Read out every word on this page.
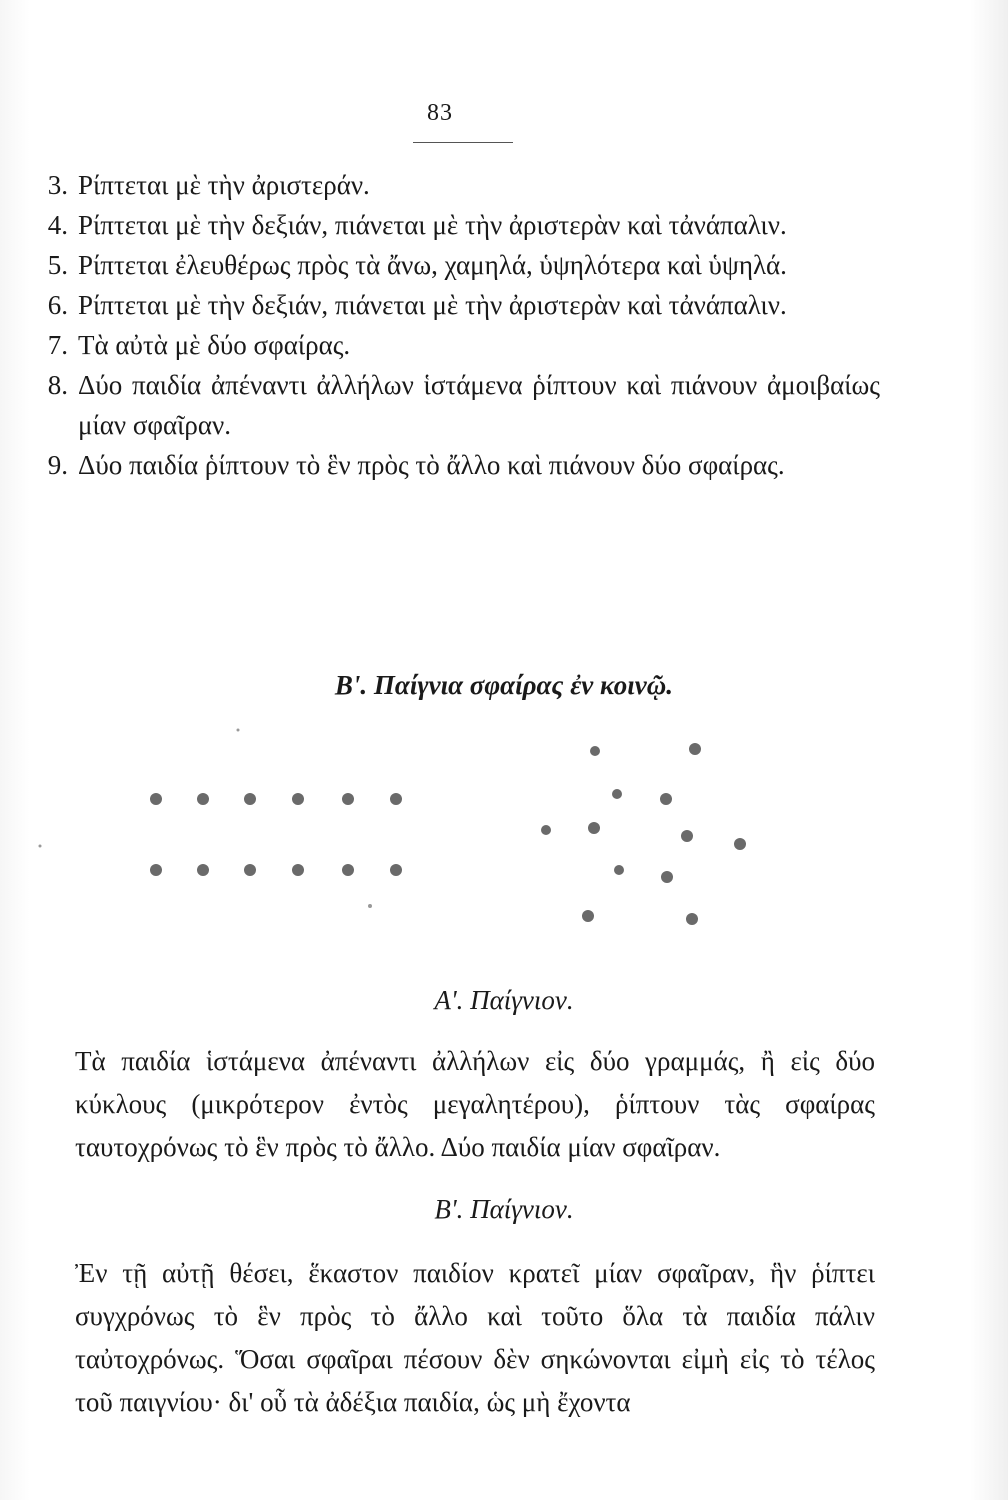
83
3. Ρίπτεται μὲ τὴν ἀριστεράν.
4. Ρίπτεται μὲ τὴν δεξιάν, πιάνεται μὲ τὴν ἀριστερὰν καὶ τἀνάπαλιν.
5. Ρίπτεται ἐλευθέρως πρὸς τὰ ἄνω, χαμηλά, ὑψηλότερα καὶ ὑψηλά.
6. Ρίπτεται μὲ τὴν δεξιάν, πιάνεται μὲ τὴν ἀριστερὰν καὶ τἀνάπαλιν.
7. Τὰ αὐτὰ μὲ δύο σφαίρας.
8. Δύο παιδία ἀπέναντι ἀλλήλων ἱστάμενα ῥίπτουν καὶ πιάνουν ἀμοιβαίως μίαν σφαῖραν.
9. Δύο παιδία ῥίπτουν τὸ ἓν πρὸς τὸ ἄλλο καὶ πιάνουν δύο σφαίρας.
Β'. Παίγνια σφαίρας ἐν κοινῷ.
Α'. Παίγνιον.
Τὰ παιδία ἱστάμενα ἀπέναντι ἀλλήλων εἰς δύο γραμμάς, ἢ εἰς δύο κύκλους (μικρότερον ἐντὸς μεγαλητέρου), ῥίπτουν τὰς σφαίρας ταυτοχρόνως τὸ ἓν πρὸς τὸ ἄλλο. Δύο παιδία μίαν σφαῖραν.
Β'. Παίγνιον.
Ἐν τῇ αὐτῇ θέσει, ἕκαστον παιδίον κρατεῖ μίαν σφαῖραν, ἣν ῥίπτει συγχρόνως τὸ ἓν πρὸς τὸ ἄλλο καὶ τοῦτο ὅλα τὰ παιδία πάλιν ταὐτοχρόνως. Ὅσαι σφαῖραι πέσουν δὲν σηκώνονται εἰμὴ εἰς τὸ τέλος τοῦ παιγνίου· δι' οὗ τὰ ἀδέξια παιδία, ὡς μὴ ἔχοντα
